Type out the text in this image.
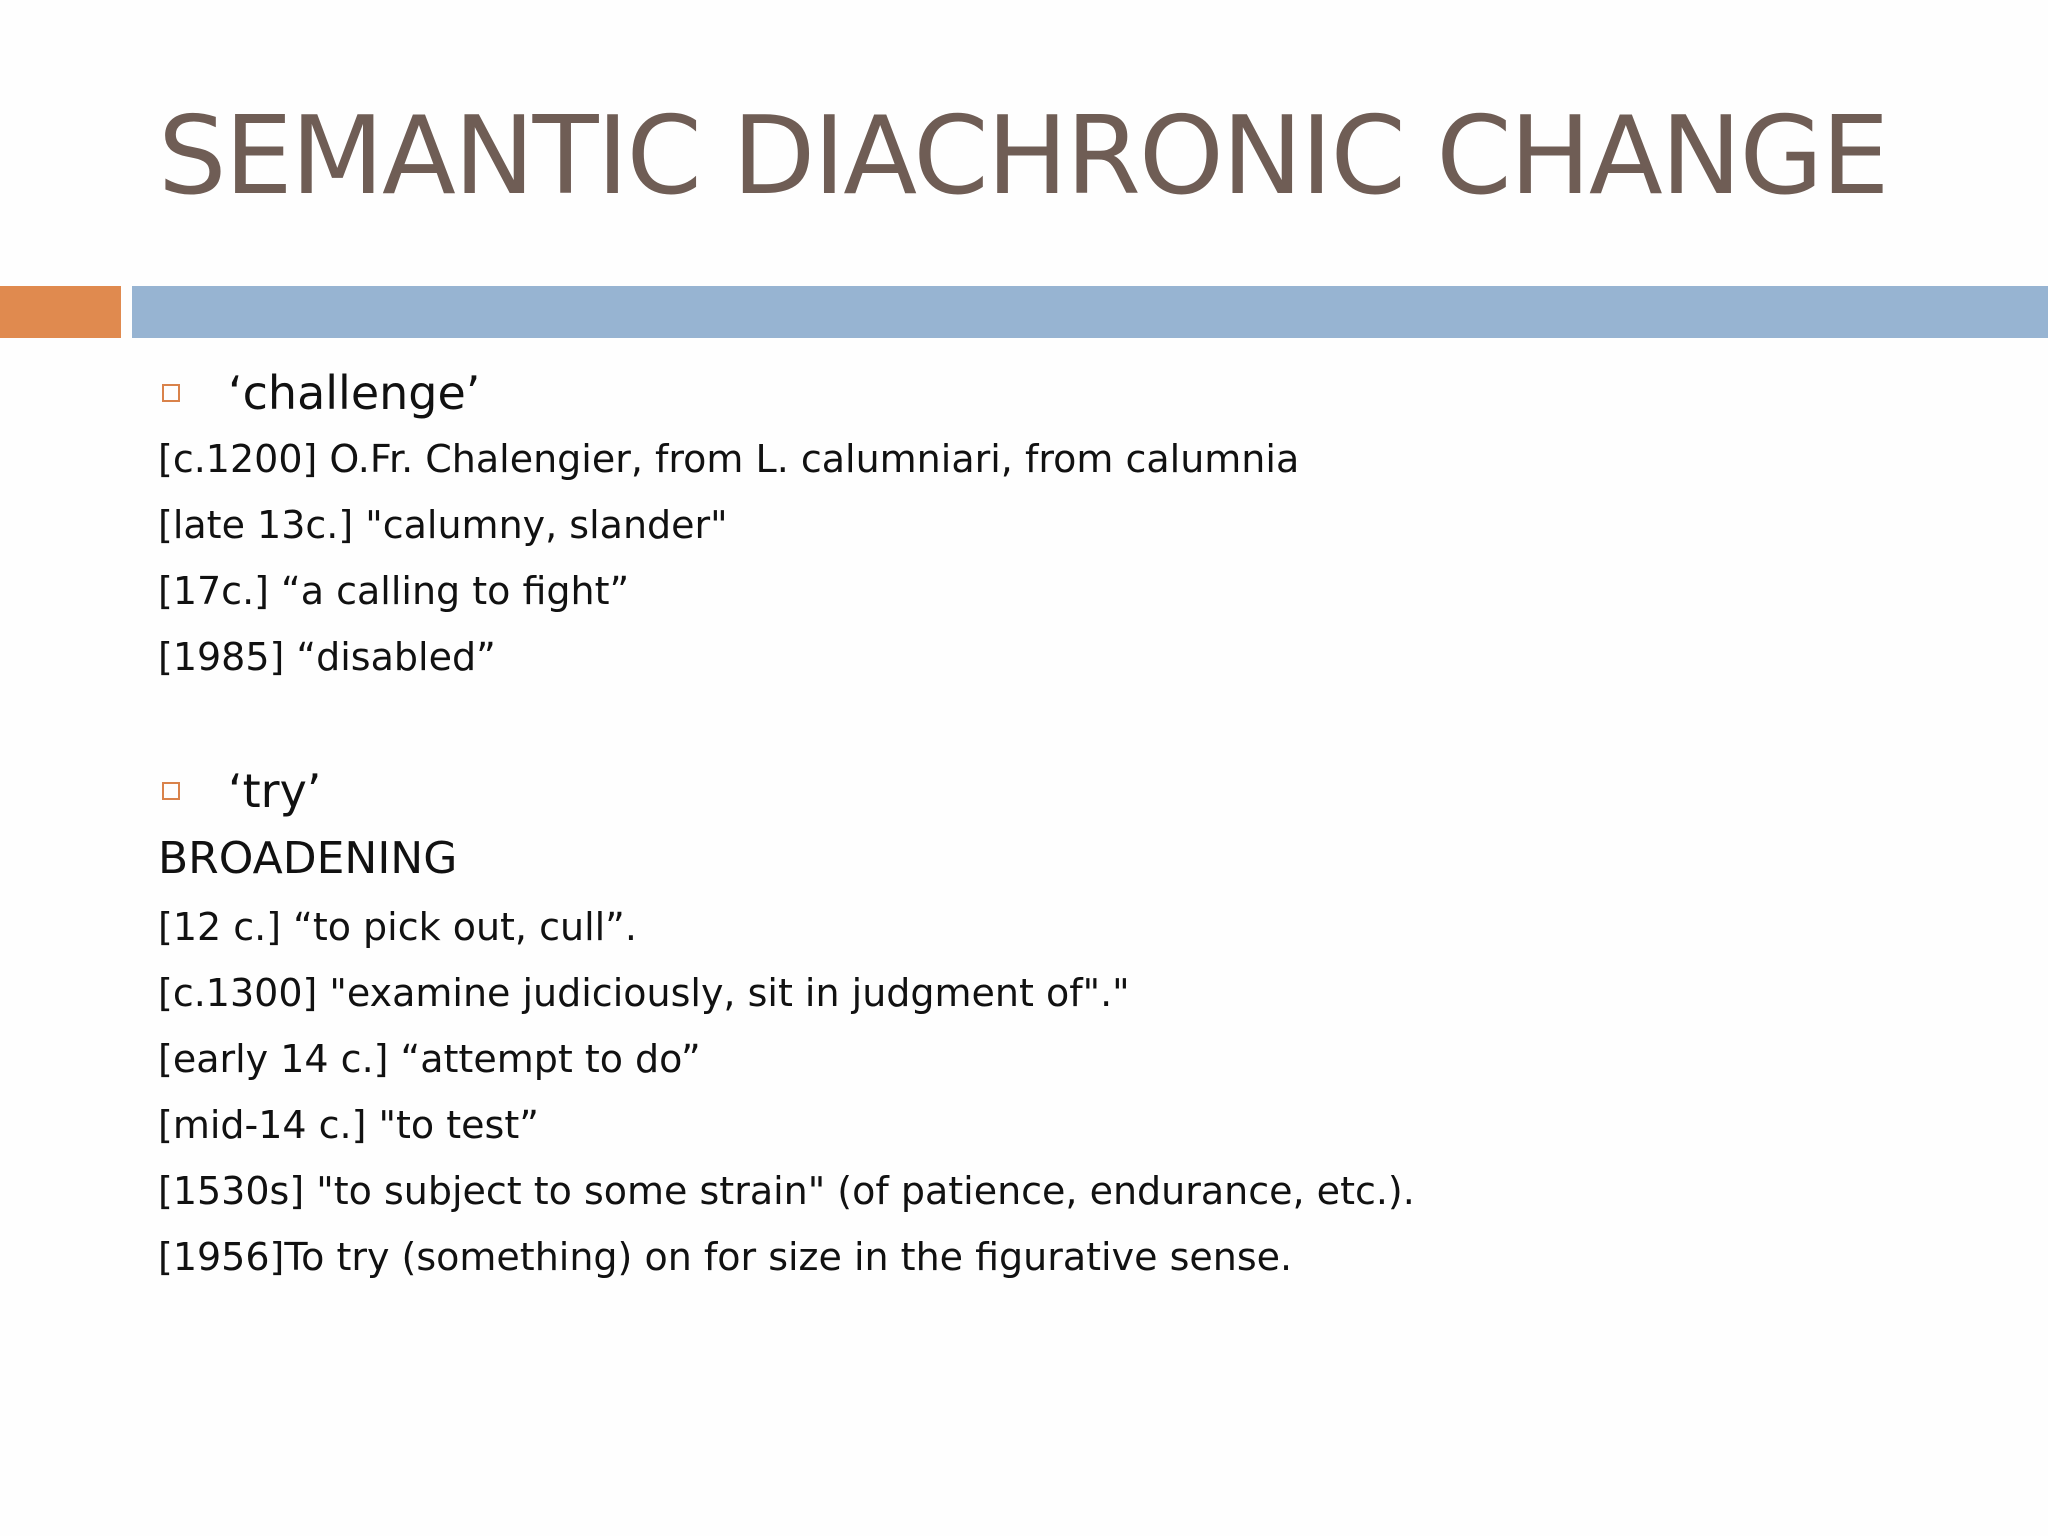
SEMANTIC DIACHRONIC CHANGE
‘challenge’
[c.1200] O.Fr. Chalengier, from L. calumniari, from calumnia
[late 13c.] "calumny, slander"
[17c.] “a calling to fight”
[1985] “disabled”
‘try’
BROADENING
[12 c.] “to pick out, cull”.
[c.1300] "examine judiciously, sit in judgment of"."
[early 14 c.] “attempt to do”
[mid-14 c.] "to test”
[1530s] "to subject to some strain" (of patience, endurance, etc.).
[1956]To try (something) on for size in the figurative sense.
